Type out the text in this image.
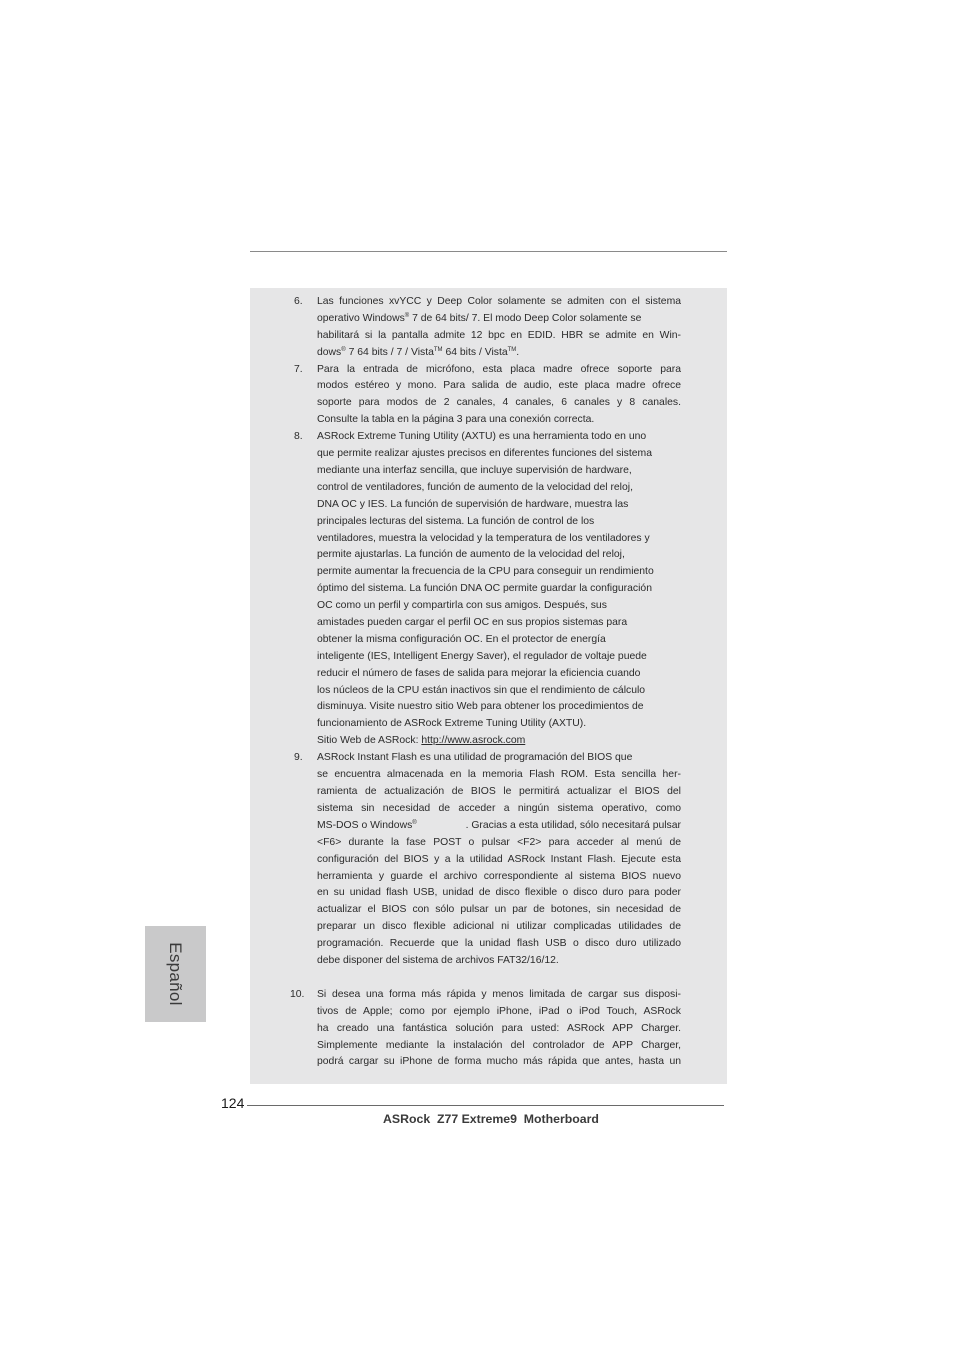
6. Las funciones xvYCC y Deep Color solamente se admiten con el sistema
operativo Windows® 7 de 64 bits/ 7. El modo Deep Color solamente se
habilitará si la pantalla admite 12 bpc en EDID. HBR se admite en Win-
dows® 7 64 bits / 7 / Vista™ 64 bits / Vista™.
7. Para la entrada de micrófono, esta placa madre ofrece soporte para
modos estéreo y mono. Para salida de audio, este placa madre ofrece
soporte para modos de 2 canales, 4 canales, 6 canales y 8 canales.
Consulte la tabla en la página 3 para una conexión correcta.
8. ASRock Extreme Tuning Utility (AXTU) es una herramienta todo en uno
que permite realizar ajustes precisos en diferentes funciones del sistema
mediante una interfaz sencilla, que incluye supervisión de hardware,
control de ventiladores, función de aumento de la velocidad del reloj,
DNA OC y IES. La función de supervisión de hardware, muestra las
principales lecturas del sistema. La función de control de los
ventiladores, muestra la velocidad y la temperatura de los ventiladores y
permite ajustarlas. La función de aumento de la velocidad del reloj,
permite aumentar la frecuencia de la CPU para conseguir un rendimiento
óptimo del sistema. La función DNA OC permite guardar la configuración
OC como un perfil y compartirla con sus amigos. Después, sus
amistades pueden cargar el perfil OC en sus propios sistemas para
obtener la misma configuración OC. En el protector de energía
inteligente (IES, Intelligent Energy Saver), el regulador de voltaje puede
reducir el número de fases de salida para mejorar la eficiencia cuando
los núcleos de la CPU están inactivos sin que el rendimiento de cálculo
disminuya. Visite nuestro sitio Web para obtener los procedimientos de
funcionamiento de ASRock Extreme Tuning Utility (AXTU).
Sitio Web de ASRock: http://www.asrock.com
9. ASRock Instant Flash es una utilidad de programación del BIOS que
se encuentra almacenada en la memoria Flash ROM. Esta sencilla her-
ramienta de actualización de BIOS le permitirá actualizar el BIOS del
sistema sin necesidad de acceder a ningún sistema operativo, como
MS-DOS o Windows®	. Gracias a esta utilidad, sólo necesitará pulsar
<F6> durante la fase POST o pulsar <F2> para acceder al menú de
configuración del BIOS y a la utilidad ASRock Instant Flash. Ejecute esta
herramienta y guarde el archivo correspondiente al sistema BIOS nuevo
en su unidad flash USB, unidad de disco flexible o disco duro para poder
actualizar el BIOS con sólo pulsar un par de botones, sin necesidad de
preparar un disco flexible adicional ni utilizar complicadas utilidades de
programación. Recuerde que la unidad flash USB o disco duro utilizado
debe disponer del sistema de archivos FAT32/16/12.
10. Si desea una forma más rápida y menos limitada de cargar sus disposi-
tivos de Apple; como por ejemplo iPhone, iPad o iPod Touch, ASRock
ha creado una fantástica solución para usted: ASRock APP Charger.
Simplemente mediante la instalación del controlador de APP Charger,
podrá cargar su iPhone de forma mucho más rápida que antes, hasta un
Español
124
ASRock  Z77 Extreme9  Motherboard
